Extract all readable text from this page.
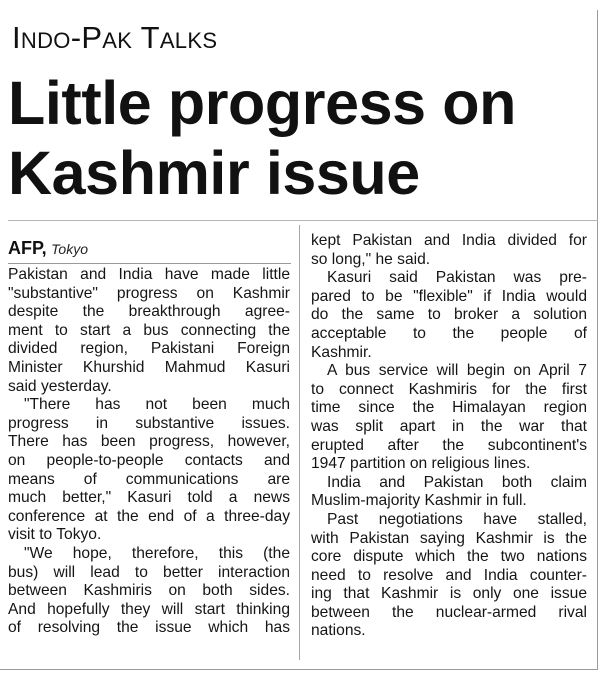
Indo-Pak Talks
Little progress on
Kashmir issue
AFP, Tokyo
Pakistan and India have made little
"substantive" progress on Kashmir
despite the breakthrough agree-
ment to start a bus connecting the
divided region, Pakistani Foreign
Minister Khurshid Mahmud Kasuri
said yesterday.
"There has not been much
progress in substantive issues.
There has been progress, however,
on people-to-people contacts and
means of communications are
much better," Kasuri told a news
conference at the end of a three-day
visit to Tokyo.
"We hope, therefore, this (the
bus) will lead to better interaction
between Kashmiris on both sides.
And hopefully they will start thinking
of resolving the issue which has
kept Pakistan and India divided for
so long," he said.
Kasuri said Pakistan was pre-
pared to be "flexible" if India would
do the same to broker a solution
acceptable to the people of
Kashmir.
A bus service will begin on April 7
to connect Kashmiris for the first
time since the Himalayan region
was split apart in the war that
erupted after the subcontinent's
1947 partition on religious lines.
India and Pakistan both claim
Muslim-majority Kashmir in full.
Past negotiations have stalled,
with Pakistan saying Kashmir is the
core dispute which the two nations
need to resolve and India counter-
ing that Kashmir is only one issue
between the nuclear-armed rival
nations.
